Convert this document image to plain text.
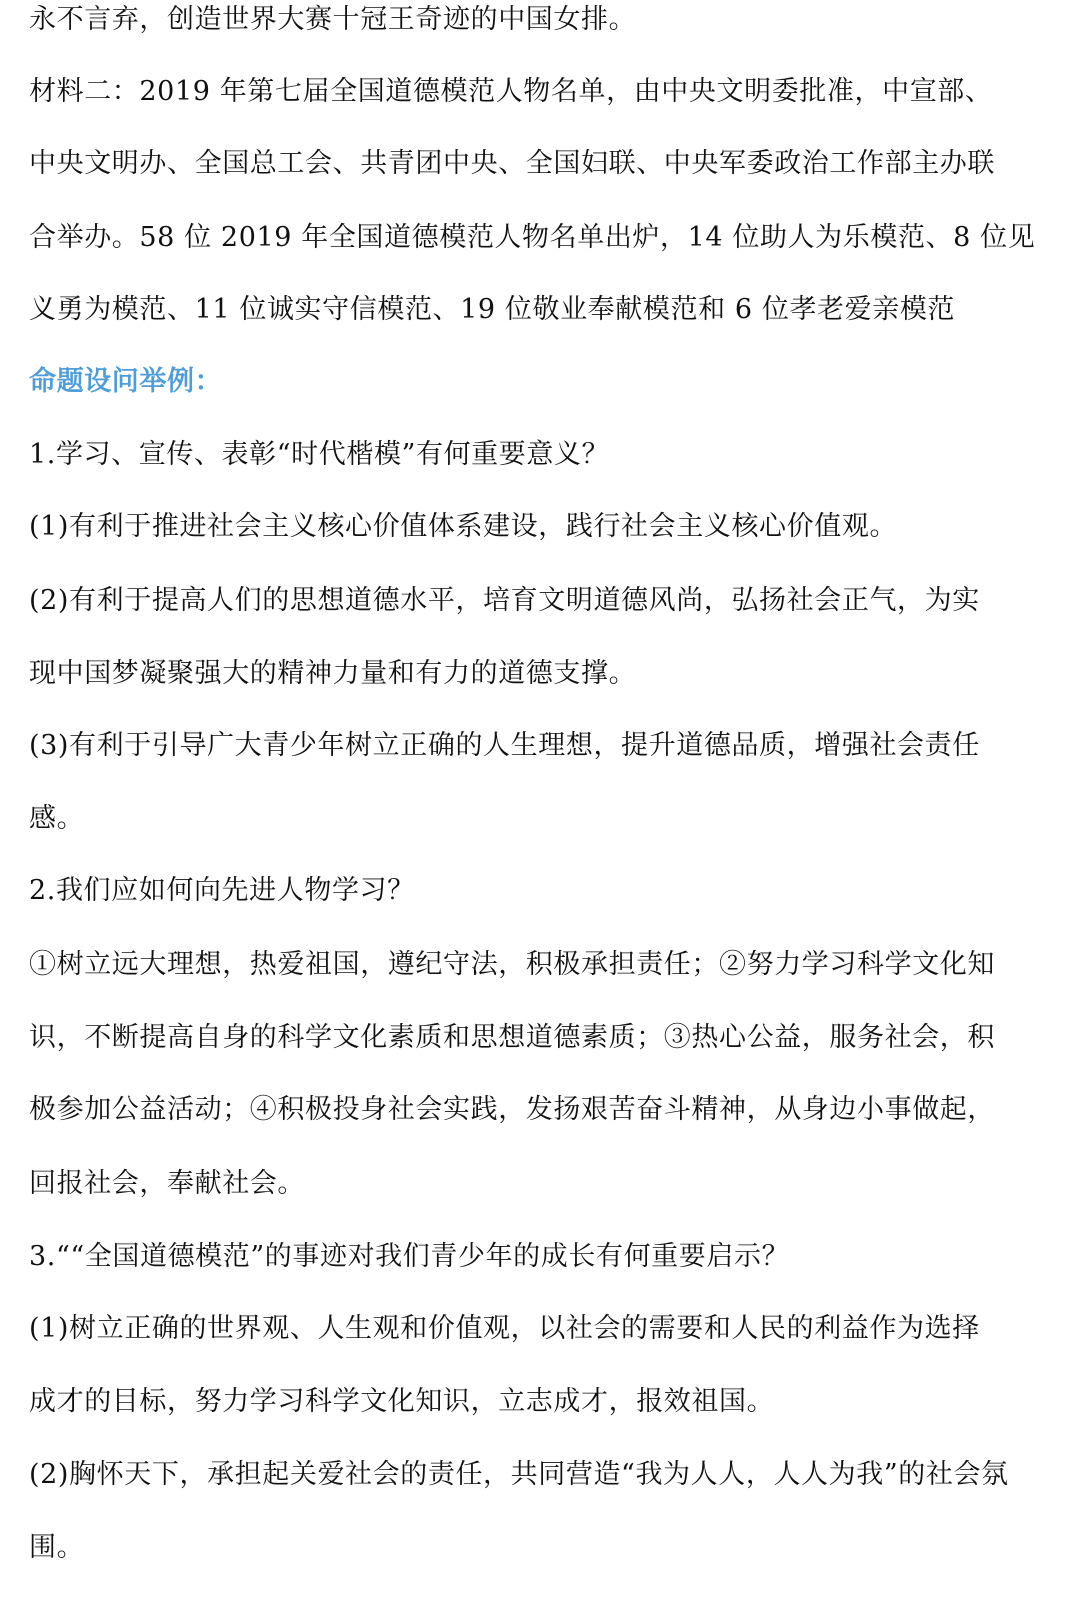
永不言弃，创造世界大赛十冠王奇迹的中国女排。
材料二：2019 年第七届全国道德模范人物名单，由中央文明委批准，中宣部、
中央文明办、全国总工会、共青团中央、全国妇联、中央军委政治工作部主办联
合举办。58 位 2019 年全国道德模范人物名单出炉，14 位助人为乐模范、8 位见
义勇为模范、11 位诚实守信模范、19 位敬业奉献模范和 6 位孝老爱亲模范
命题设问举例：
1.学习、宣传、表彰“时代楷模”有何重要意义？
(1)有利于推进社会主义核心价值体系建设，践行社会主义核心价值观。
(2)有利于提高人们的思想道德水平，培育文明道德风尚，弘扬社会正气，为实
现中国梦凝聚强大的精神力量和有力的道德支撑。
(3)有利于引导广大青少年树立正确的人生理想，提升道德品质，增强社会责任
感。
2.我们应如何向先进人物学习？
①树立远大理想，热爱祖国，遵纪守法，积极承担责任；②努力学习科学文化知
识，不断提高自身的科学文化素质和思想道德素质；③热心公益，服务社会，积
极参加公益活动；④积极投身社会实践，发扬艰苦奋斗精神，从身边小事做起，
回报社会，奉献社会。
3.““全国道德模范”的事迹对我们青少年的成长有何重要启示？
(1)树立正确的世界观、人生观和价值观，以社会的需要和人民的利益作为选择
成才的目标，努力学习科学文化知识，立志成才，报效祖国。
(2)胸怀天下，承担起关爱社会的责任，共同营造“我为人人，人人为我”的社会氛
围。
